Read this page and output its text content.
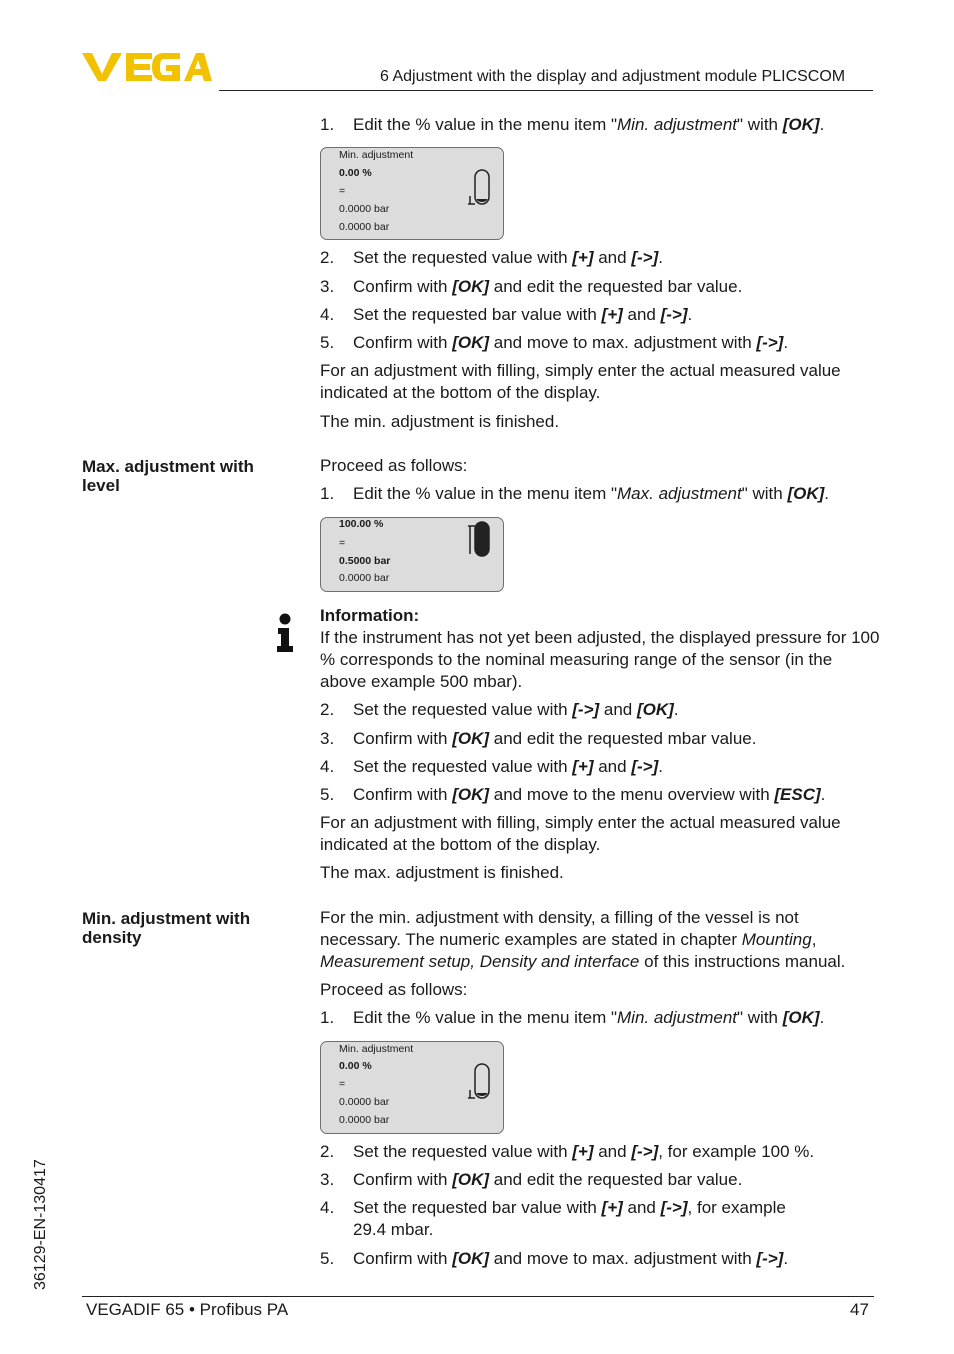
6 Adjustment with the display and adjustment module PLICSCOM
1. Edit the % value in the menu item "Min. adjustment" with [OK].
Min. adjustment
0.00 %
=
0.0000 bar
0.0000 bar
2. Set the requested value with [+] and [->].
3. Confirm with [OK] and edit the requested bar value.
4. Set the requested bar value with [+] and [->].
5. Confirm with [OK] and move to max. adjustment with [->].
For an adjustment with filling, simply enter the actual measured value indicated at the bottom of the display.
The min. adjustment is finished.
Max. adjustment with level
Proceed as follows:
1. Edit the % value in the menu item "Max. adjustment" with [OK].
100.00 %
=
0.5000 bar
0.0000 bar
Information:
If the instrument has not yet been adjusted, the displayed pressure for 100 % corresponds to the nominal measuring range of the sensor (in the above example 500 mbar).
2. Set the requested value with [->] and [OK].
3. Confirm with [OK] and edit the requested mbar value.
4. Set the requested value with [+] and [->].
5. Confirm with [OK] and move to the menu overview with [ESC].
For an adjustment with filling, simply enter the actual measured value indicated at the bottom of the display.
The max. adjustment is finished.
Min. adjustment with density
For the min. adjustment with density, a filling of the vessel is not necessary. The numeric examples are stated in chapter Mounting, Measurement setup, Density and interface of this instructions manual.
Proceed as follows:
1. Edit the % value in the menu item "Min. adjustment" with [OK].
Min. adjustment
0.00 %
=
0.0000 bar
0.0000 bar
2. Set the requested value with [+] and [->], for example 100 %.
3. Confirm with [OK] and edit the requested bar value.
4. Set the requested bar value with [+] and [->], for example 29.4 mbar.
5. Confirm with [OK] and move to max. adjustment with [->].
36129-EN-130417
VEGADIF 65 • Profibus PA	47
